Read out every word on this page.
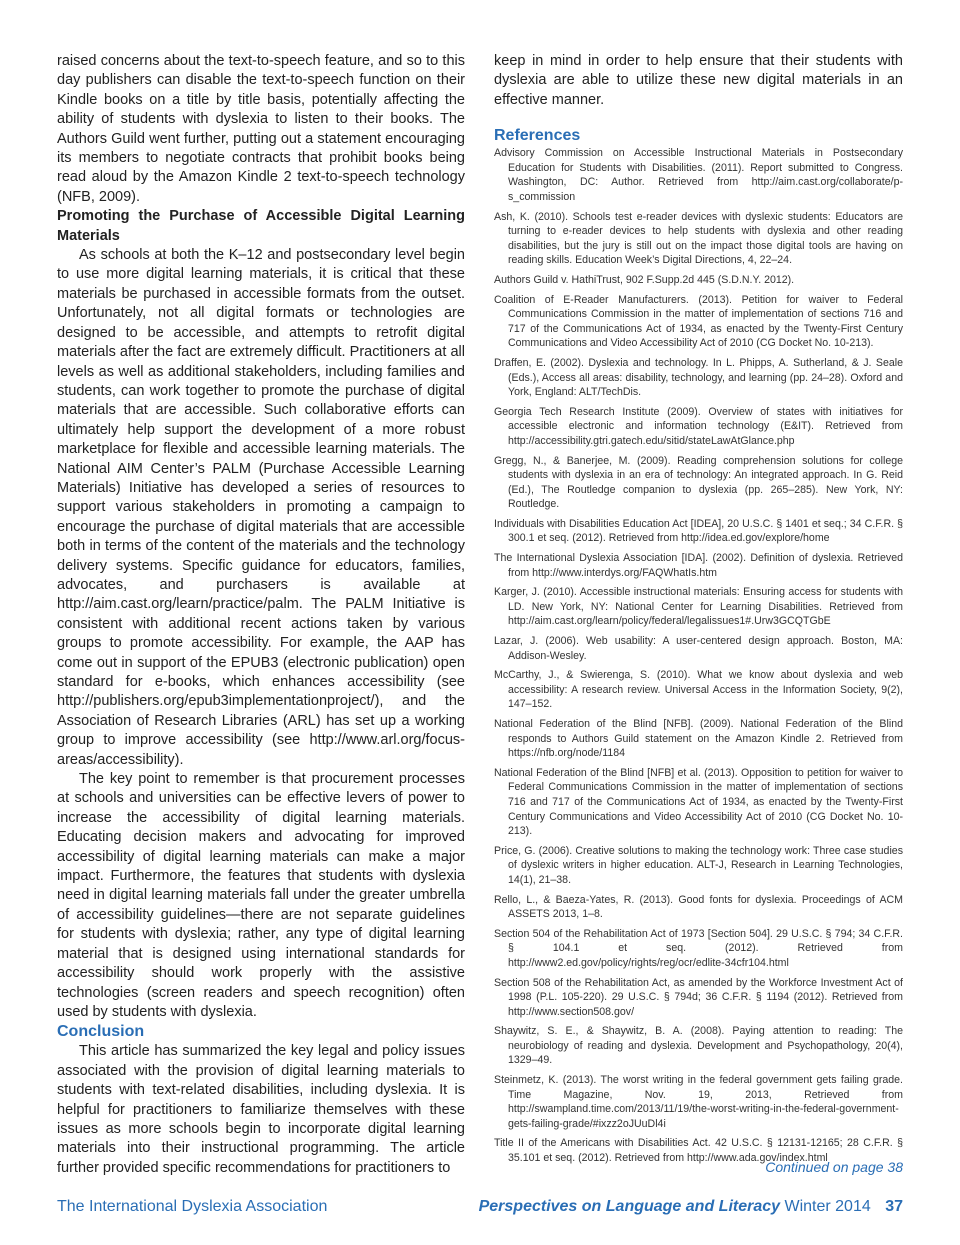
raised concerns about the text-to-speech feature, and so to this day publishers can disable the text-to-speech function on their Kindle books on a title by title basis, potentially affecting the ability of students with dyslexia to listen to their books. The Authors Guild went further, putting out a statement encouraging its members to negotiate contracts that prohibit books being read aloud by the Amazon Kindle 2 text-to-speech technology (NFB, 2009).

Promoting the Purchase of Accessible Digital Learning Materials

As schools at both the K–12 and postsecondary level begin to use more digital learning materials, it is critical that these materials be purchased in accessible formats from the outset. Unfortunately, not all digital formats or technologies are designed to be accessible, and attempts to retrofit digital materials after the fact are extremely difficult. Practitioners at all levels as well as additional stakeholders, including families and students, can work together to promote the purchase of digital materials that are accessible. Such collaborative efforts can ultimately help support the development of a more robust marketplace for flexible and accessible learning materials. The National AIM Center’s PALM (Purchase Accessible Learning Materials) Initiative has developed a series of resources to support various stakeholders in promoting a campaign to encourage the purchase of digital materials that are accessible both in terms of the content of the materials and the technology delivery systems. Specific guidance for educators, families, advocates, and purchasers is available at http://aim.cast.org/learn/practice/palm. The PALM Initiative is consistent with additional recent actions taken by various groups to promote accessibility. For example, the AAP has come out in support of the EPUB3 (electronic publication) open standard for e-books, which enhances accessibility (see http://publishers.org/epub3implementationproject/), and the Association of Research Libraries (ARL) has set up a working group to improve accessibility (see http://www.arl.org/focus-areas/accessibility).

The key point to remember is that procurement processes at schools and universities can be effective levers of power to increase the accessibility of digital learning materials. Educating decision makers and advocating for improved accessibility of digital learning materials can make a major impact. Furthermore, the features that students with dyslexia need in digital learning materials fall under the greater umbrella of accessibility guidelines—there are not separate guidelines for students with dyslexia; rather, any type of digital learning material that is designed using international standards for accessibility should work properly with the assistive technologies (screen readers and speech recognition) often used by students with dyslexia.

Conclusion

This article has summarized the key legal and policy issues associated with the provision of digital learning materials to students with text-related disabilities, including dyslexia. It is helpful for practitioners to familiarize themselves with these issues as more schools begin to incorporate digital learning materials into their instructional programming. The article further provided specific recommendations for practitioners to

keep in mind in order to help ensure that their students with dyslexia are able to utilize these new digital materials in an effective manner.

References

Advisory Commission on Accessible Instructional Materials in Postsecondary Education for Students with Disabilities. (2011). Report submitted to Congress. Washington, DC: Author. Retrieved from http://aim.cast.org/collaborate/p-s_commission
Ash, K. (2010). Schools test e-reader devices with dyslexic students: Educators are turning to e-reader devices to help students with dyslexia and other reading disabilities, but the jury is still out on the impact those digital tools are having on reading skills. Education Week’s Digital Directions, 4, 22–24.
Authors Guild v. HathiTrust, 902 F.Supp.2d 445 (S.D.N.Y. 2012).
Coalition of E-Reader Manufacturers. (2013). Petition for waiver to Federal Communications Commission in the matter of implementation of sections 716 and 717 of the Communications Act of 1934, as enacted by the Twenty-First Century Communications and Video Accessibility Act of 2010 (CG Docket No. 10-213).
Draffen, E. (2002). Dyslexia and technology. In L. Phipps, A. Sutherland, & J. Seale (Eds.), Access all areas: disability, technology, and learning (pp. 24–28). Oxford and York, England: ALT/TechDis.
Georgia Tech Research Institute (2009). Overview of states with initiatives for accessible electronic and information technology (E&IT). Retrieved from http://accessibility.gtri.gatech.edu/sitid/stateLawAtGlance.php
Gregg, N., & Banerjee, M. (2009). Reading comprehension solutions for college students with dyslexia in an era of technology: An integrated approach. In G. Reid (Ed.), The Routledge companion to dyslexia (pp. 265–285). New York, NY: Routledge.
Individuals with Disabilities Education Act [IDEA], 20 U.S.C. § 1401 et seq.; 34 C.F.R. § 300.1 et seq. (2012). Retrieved from http://idea.ed.gov/explore/home
The International Dyslexia Association [IDA]. (2002). Definition of dyslexia. Retrieved from http://www.interdys.org/FAQWhatIs.htm
Karger, J. (2010). Accessible instructional materials: Ensuring access for students with LD. New York, NY: National Center for Learning Disabilities. Retrieved from http://aim.cast.org/learn/policy/federal/legalissues1#.Urw3GCQTGbE
Lazar, J. (2006). Web usability: A user-centered design approach. Boston, MA: Addison-Wesley.
McCarthy, J., & Swierenga, S. (2010). What we know about dyslexia and web accessibility: A research review. Universal Access in the Information Society, 9(2), 147–152.
National Federation of the Blind [NFB]. (2009). National Federation of the Blind responds to Authors Guild statement on the Amazon Kindle 2. Retrieved from https://nfb.org/node/1184
National Federation of the Blind [NFB] et al. (2013). Opposition to petition for waiver to Federal Communications Commission in the matter of implementation of sections 716 and 717 of the Communications Act of 1934, as enacted by the Twenty-First Century Communications and Video Accessibility Act of 2010 (CG Docket No. 10-213).
Price, G. (2006). Creative solutions to making the technology work: Three case studies of dyslexic writers in higher education. ALT-J, Research in Learning Technologies, 14(1), 21–38.
Rello, L., & Baeza-Yates, R. (2013). Good fonts for dyslexia. Proceedings of ACM ASSETS 2013, 1–8.
Section 504 of the Rehabilitation Act of 1973 [Section 504]. 29 U.S.C. § 794; 34 C.F.R. § 104.1 et seq. (2012). Retrieved from http://www2.ed.gov/policy/rights/reg/ocr/edlite-34cfr104.html
Section 508 of the Rehabilitation Act, as amended by the Workforce Investment Act of 1998 (P.L. 105-220). 29 U.S.C. § 794d; 36 C.F.R. § 1194 (2012). Retrieved from http://www.section508.gov/
Shaywitz, S. E., & Shaywitz, B. A. (2008). Paying attention to reading: The neurobiology of reading and dyslexia. Development and Psychopathology, 20(4), 1329–49.
Steinmetz, K. (2013). The worst writing in the federal government gets failing grade. Time Magazine, Nov. 19, 2013, Retrieved from http://swampland.time.com/2013/11/19/the-worst-writing-in-the-federal-government-gets-failing-grade/#ixzz2oJUuDl4i
Title II of the Americans with Disabilities Act. 42 U.S.C. § 12131-12165; 28 C.F.R. § 35.101 et seq. (2012). Retrieved from http://www.ada.gov/index.html
Continued on page 38
The International Dyslexia Association	Perspectives on Language and Literacy Winter 2014 37
